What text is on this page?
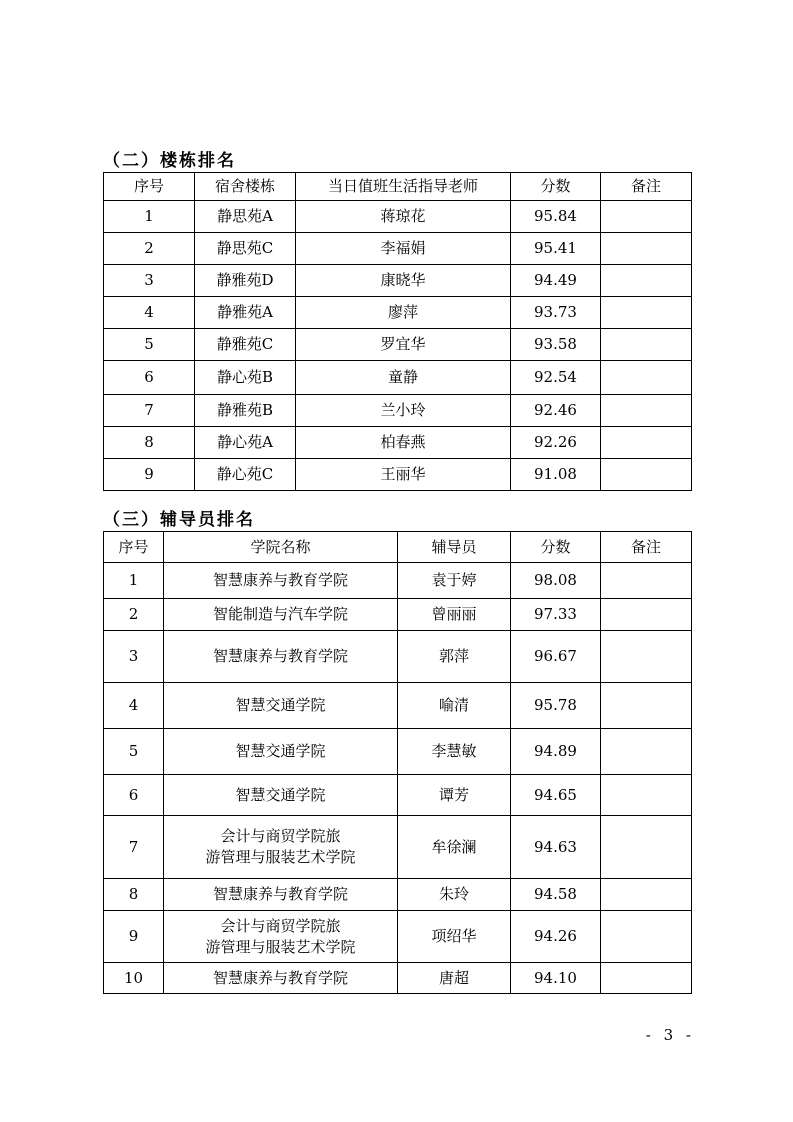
（二）楼栋排名
序号	宿舍楼栋	当日值班生活指导老师	分数	备注
1	静思苑A	蒋琼花	95.84	
2	静思苑C	李福娟	95.41	
3	静雅苑D	康晓华	94.49	
4	静雅苑A	廖萍	93.73	
5	静雅苑C	罗宜华	93.58	
6	静心苑B	童静	92.54	
7	静雅苑B	兰小玲	92.46	
8	静心苑A	柏春燕	92.26	
9	静心苑C	王丽华	91.08	
（三）辅导员排名
序号	学院名称	辅导员	分数	备注
1	智慧康养与教育学院	袁于婷	98.08	
2	智能制造与汽车学院	曾丽丽	97.33	
3	智慧康养与教育学院	郭萍	96.67	
4	智慧交通学院	喻清	95.78	
5	智慧交通学院	李慧敏	94.89	
6	智慧交通学院	谭芳	94.65	
7	会计与商贸学院旅
游管理与服装艺术学院	牟徐澜	94.63	
8	智慧康养与教育学院	朱玲	94.58	
9	会计与商贸学院旅
游管理与服装艺术学院	项绍华	94.26	
10	智慧康养与教育学院	唐超	94.10	
- 3 -
